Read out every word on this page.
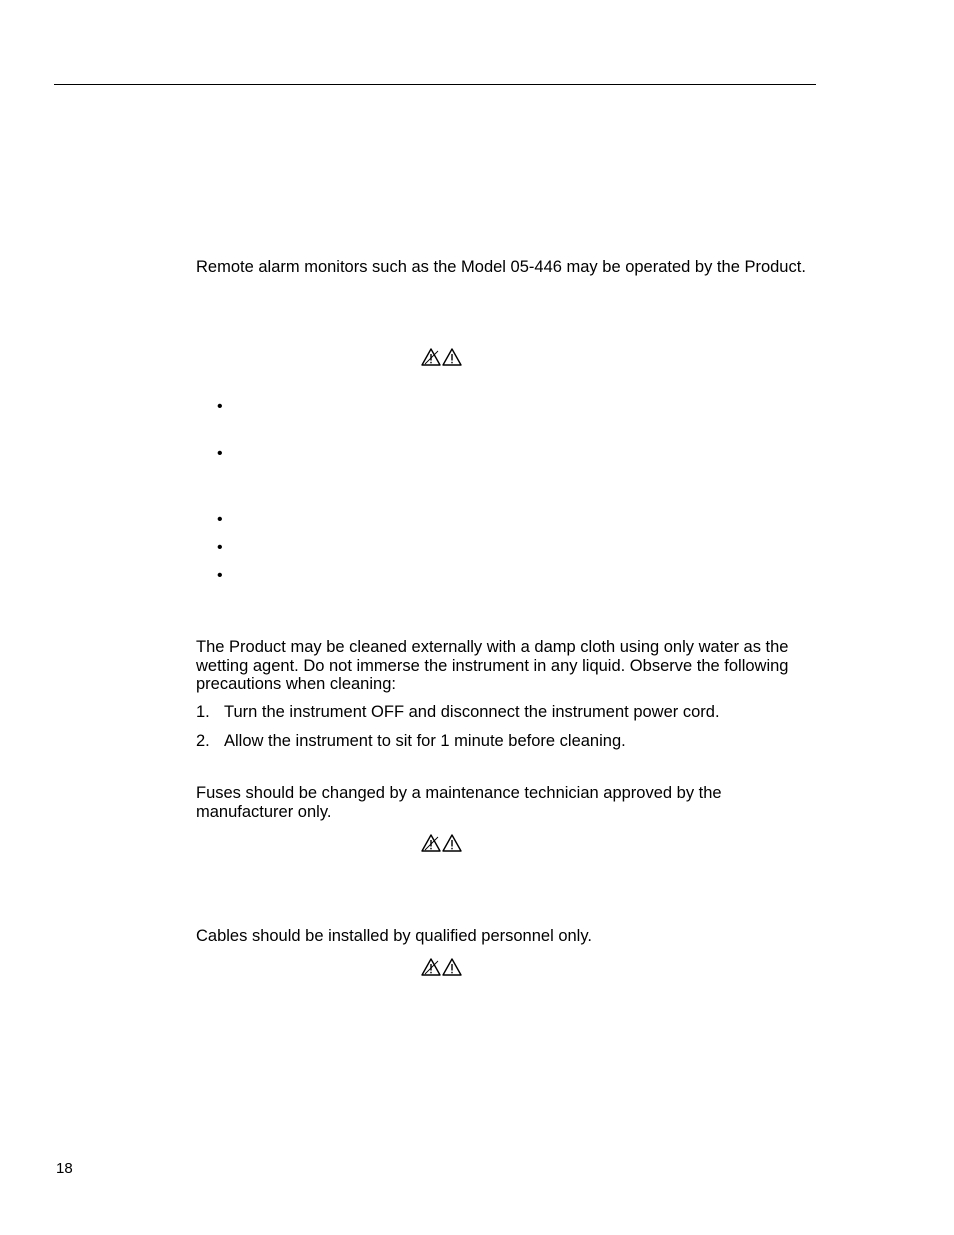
Remote alarm monitors such as the Model 05-446 may be operated by the Product.

•
•
•
•
•

The Product may be cleaned externally with a damp cloth using only water as the wetting agent. Do not immerse the instrument in any liquid. Observe the following precautions when cleaning:

1. Turn the instrument OFF and disconnect the instrument power cord.
2. Allow the instrument to sit for 1 minute before cleaning.

Fuses should be changed by a maintenance technician approved by the manufacturer only.

Cables should be installed by qualified personnel only.

18
